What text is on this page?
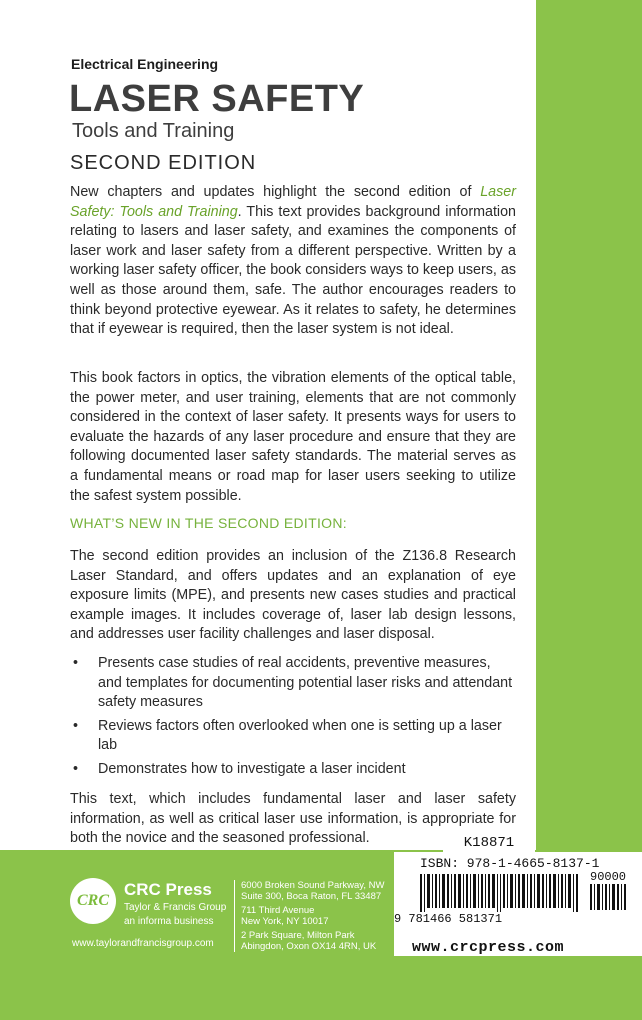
Electrical Engineering
LASER SAFETY
Tools and Training
SECOND EDITION

New chapters and updates highlight the second edition of Laser Safety: Tools and Training. This text provides background information relating to lasers and laser safety, and examines the components of laser work and laser safety from a different perspective. Written by a working laser safety officer, the book considers ways to keep users, as well as those around them, safe. The author encourages readers to think beyond protective eyewear. As it relates to safety, he determines that if eyewear is required, then the laser system is not ideal.

This book factors in optics, the vibration elements of the optical table, the power meter, and user training, elements that are not commonly considered in the context of laser safety. It presents ways for users to evaluate the hazards of any laser procedure and ensure that they are following documented laser safety standards. The material serves as a fundamental means or road map for laser users seeking to utilize the safest system possible.

WHAT’S NEW IN THE SECOND EDITION:

The second edition provides an inclusion of the Z136.8 Research Laser Standard, and offers updates and an explanation of eye exposure limits (MPE), and presents new cases studies and practical example images. It includes coverage of, laser lab design lessons, and addresses user facility challenges and laser disposal.

• Presents case studies of real accidents, preventive measures, and templates for documenting potential laser risks and attendant safety measures
• Reviews factors often overlooked when one is setting up a laser lab
• Demonstrates how to investigate a laser incident

This text, which includes fundamental laser and laser safety information, as well as critical laser use information, is appropriate for both the novice and the seasoned professional.	K18871
ISBN: 978-1-4665-8137-1
90000
9 781466 581371
www.crcpress.com
CRC
CRC Press
Taylor & Francis Group
an informa business
www.taylorandfrancisgroup.com
6000 Broken Sound Parkway, NW
Suite 300, Boca Raton, FL 33487
711 Third Avenue
New York, NY 10017
2 Park Square, Milton Park
Abingdon, Oxon OX14 4RN, UK
